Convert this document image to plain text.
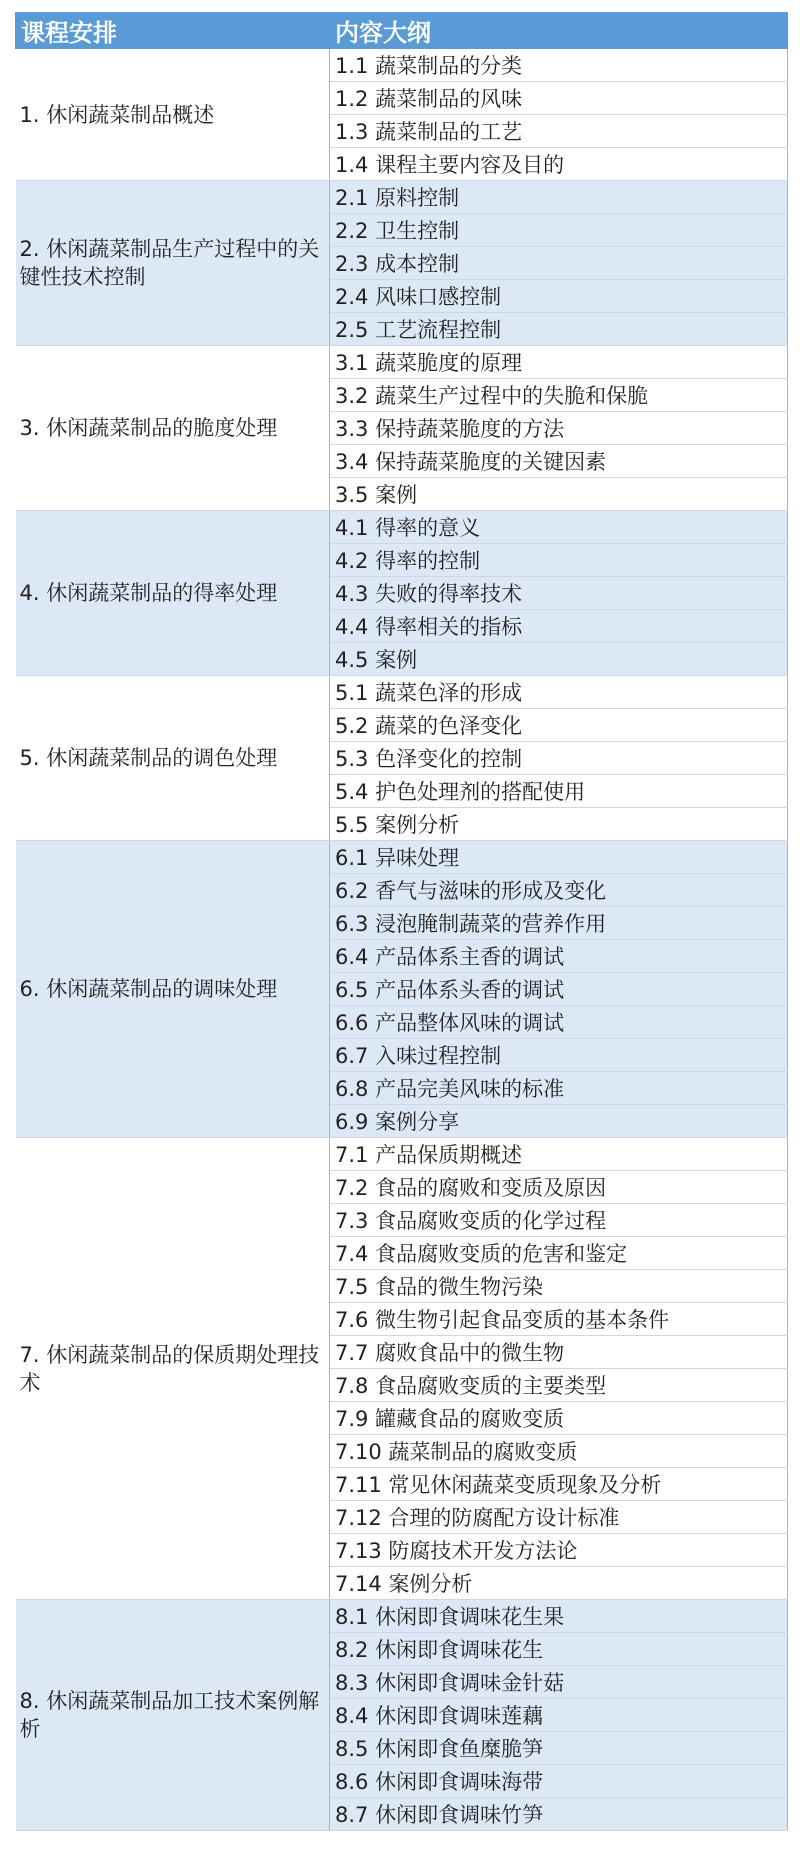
课程安排	内容大纲
1. 休闲蔬菜制品概述	1.1 蔬菜制品的分类
	1.2 蔬菜制品的风味
	1.3 蔬菜制品的工艺
	1.4 课程主要内容及目的
2. 休闲蔬菜制品生产过程中的关键性技术控制	2.1 原料控制
	2.2 卫生控制
	2.3 成本控制
	2.4 风味口感控制
	2.5 工艺流程控制
3. 休闲蔬菜制品的脆度处理	3.1 蔬菜脆度的原理
	3.2 蔬菜生产过程中的失脆和保脆
	3.3 保持蔬菜脆度的方法
	3.4 保持蔬菜脆度的关键因素
	3.5 案例
4. 休闲蔬菜制品的得率处理	4.1 得率的意义
	4.2 得率的控制
	4.3 失败的得率技术
	4.4 得率相关的指标
	4.5 案例
5. 休闲蔬菜制品的调色处理	5.1 蔬菜色泽的形成
	5.2 蔬菜的色泽变化
	5.3 色泽变化的控制
	5.4 护色处理剂的搭配使用
	5.5 案例分析
6. 休闲蔬菜制品的调味处理	6.1 异味处理
	6.2 香气与滋味的形成及变化
	6.3 浸泡腌制蔬菜的营养作用
	6.4 产品体系主香的调试
	6.5 产品体系头香的调试
	6.6 产品整体风味的调试
	6.7 入味过程控制
	6.8 产品完美风味的标准
	6.9 案例分享
7. 休闲蔬菜制品的保质期处理技术	7.1 产品保质期概述
	7.2 食品的腐败和变质及原因
	7.3 食品腐败变质的化学过程
	7.4 食品腐败变质的危害和鉴定
	7.5 食品的微生物污染
	7.6 微生物引起食品变质的基本条件
	7.7 腐败食品中的微生物
	7.8 食品腐败变质的主要类型
	7.9 罐藏食品的腐败变质
	7.10 蔬菜制品的腐败变质
	7.11 常见休闲蔬菜变质现象及分析
	7.12 合理的防腐配方设计标准
	7.13 防腐技术开发方法论
	7.14 案例分析
8. 休闲蔬菜制品加工技术案例解析	8.1 休闲即食调味花生果
	8.2 休闲即食调味花生
	8.3 休闲即食调味金针菇
	8.4 休闲即食调味莲藕
	8.5 休闲即食鱼糜脆笋
	8.6 休闲即食调味海带
	8.7 休闲即食调味竹笋
